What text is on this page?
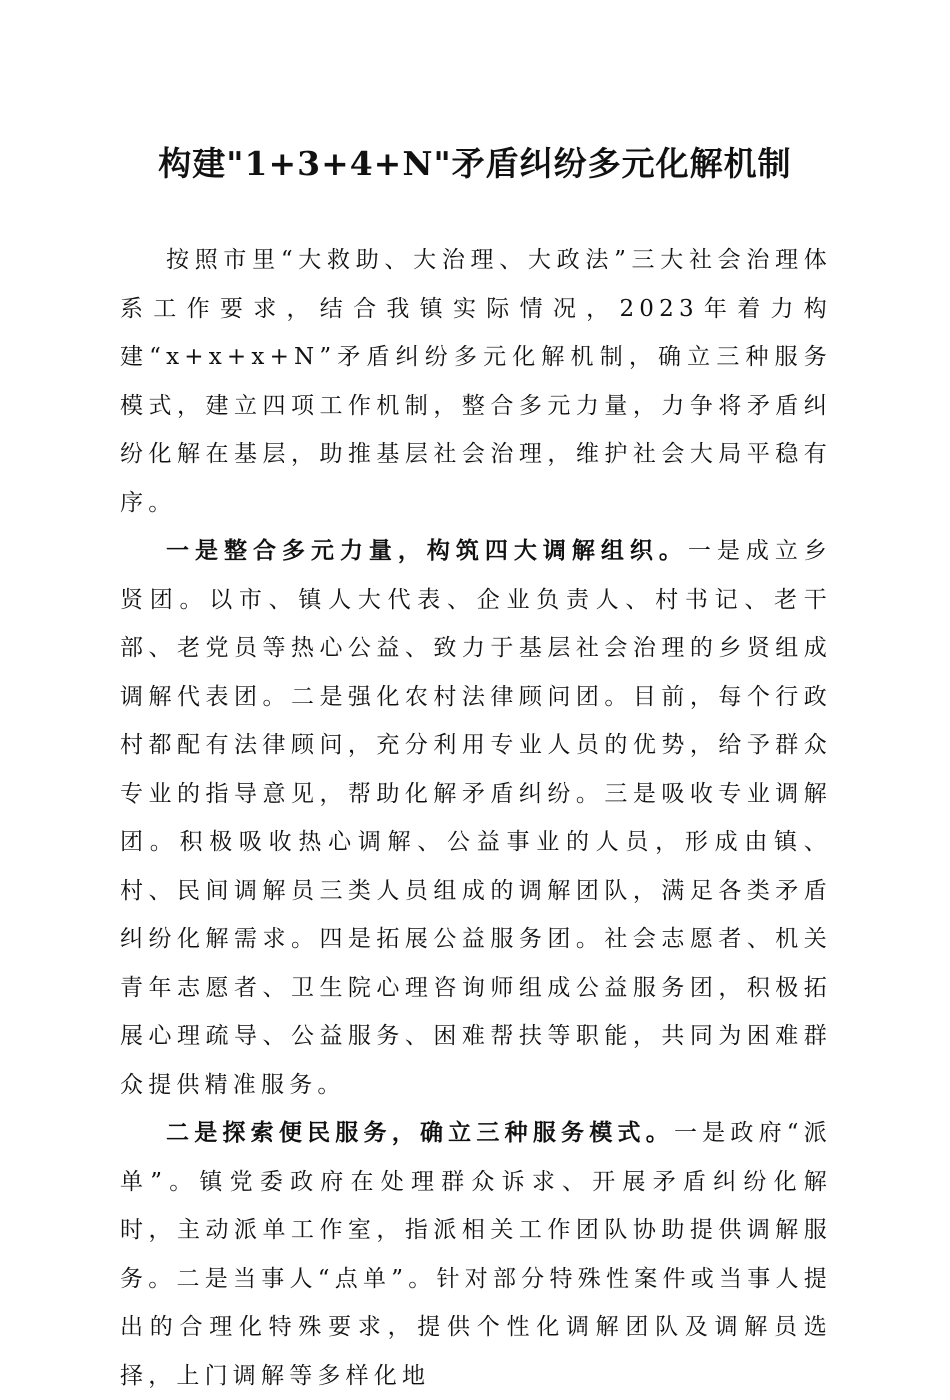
构建"1+3+4+N"矛盾纠纷多元化解机制

按照市里“大救助、大治理、大政法”三大社会治理体系工作要求，结合我镇实际情况，2023年着力构建“x+x+x+N”矛盾纠纷多元化解机制，确立三种服务模式，建立四项工作机制，整合多元力量，力争将矛盾纠纷化解在基层，助推基层社会治理，维护社会大局平稳有序。

一是整合多元力量，构筑四大调解组织。一是成立乡贤团。以市、镇人大代表、企业负责人、村书记、老干部、老党员等热心公益、致力于基层社会治理的乡贤组成调解代表团。二是强化农村法律顾问团。目前，每个行政村都配有法律顾问，充分利用专业人员的优势，给予群众专业的指导意见，帮助化解矛盾纠纷。三是吸收专业调解团。积极吸收热心调解、公益事业的人员，形成由镇、村、民间调解员三类人员组成的调解团队，满足各类矛盾纠纷化解需求。四是拓展公益服务团。社会志愿者、机关青年志愿者、卫生院心理咨询师组成公益服务团，积极拓展心理疏导、公益服务、困难帮扶等职能，共同为困难群众提供精准服务。

二是探索便民服务，确立三种服务模式。一是政府“派单”。镇党委政府在处理群众诉求、开展矛盾纠纷化解时，主动派单工作室，指派相关工作团队协助提供调解服务。二是当事人“点单”。针对部分特殊性案件或当事人提出的合理化特殊要求，提供个性化调解团队及调解员选择，上门调解等多样化地
